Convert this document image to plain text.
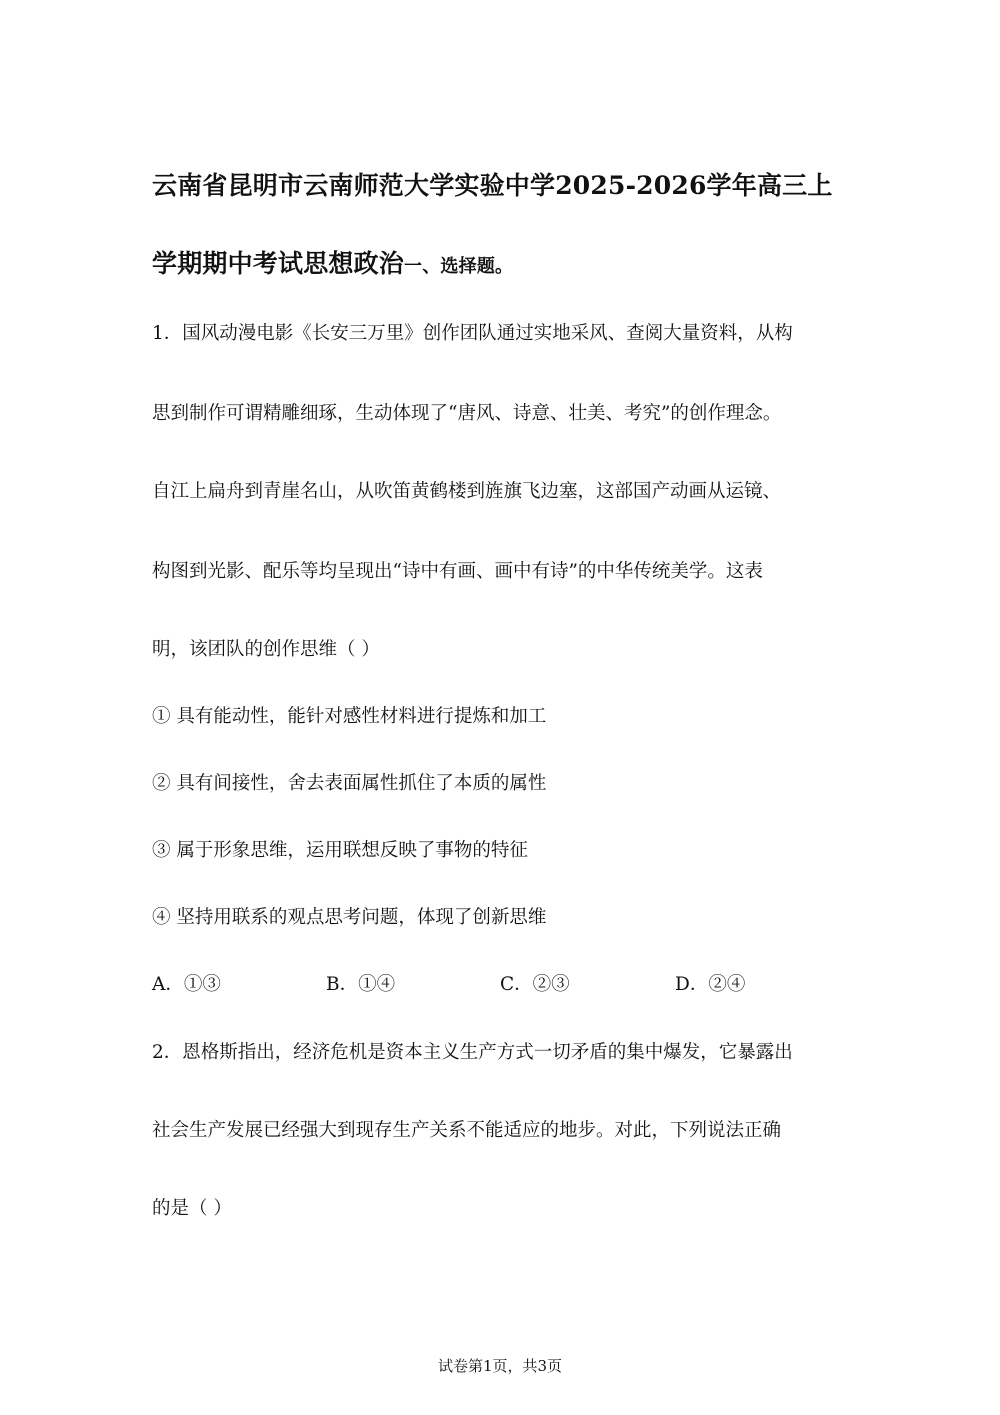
云南省昆明市云南师范大学实验中学2025-2026学年高三上
学期期中考试思想政治一、选择题。
1．国风动漫电影《长安三万里》创作团队通过实地采风、查阅大量资料，从构
思到制作可谓精雕细琢，生动体现了“唐风、诗意、壮美、考究”的创作理念。
自江上扁舟到青崖名山，从吹笛黄鹤楼到旌旗飞边塞，这部国产动画从运镜、
构图到光影、配乐等均呈现出“诗中有画、画中有诗”的中华传统美学。这表
明，该团队的创作思维（ ）
① 具有能动性，能针对感性材料进行提炼和加工
② 具有间接性，舍去表面属性抓住了本质的属性
③ 属于形象思维，运用联想反映了事物的特征
④ 坚持用联系的观点思考问题，体现了创新思维
A．①③	B．①④	C．②③	D．②④
2．恩格斯指出，经济危机是资本主义生产方式一切矛盾的集中爆发，它暴露出
社会生产发展已经强大到现存生产关系不能适应的地步。对此，下列说法正确
的是（ ）
试卷第1页，共3页
